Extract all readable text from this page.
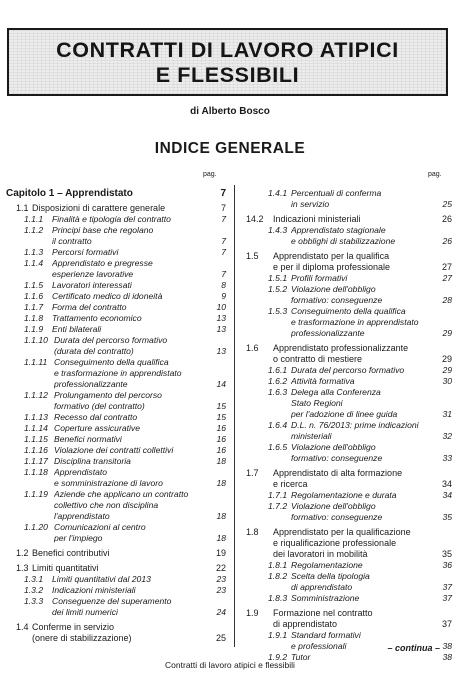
CONTRATTI DI LAVORO ATIPICI
E FLESSIBILI
di Alberto Bosco
INDICE GENERALE
pag.	pag.
Capitolo 1 – Apprendistato	7
1.1 Disposizioni di carattere generale	7
1.1.1 Finalità e tipologia del contratto	7
1.1.2 Principi base che regolano
il contratto	7
1.1.3 Percorsi formativi	7
1.1.4 Apprendistato e pregresse
esperienze lavorative	7
1.1.5 Lavoratori interessati	8
1.1.6 Certificato medico di idoneità	9
1.1.7 Forma del contratto	10
1.1.8 Trattamento economico	13
1.1.9 Enti bilaterali	13
1.1.10 Durata del percorso formativo
(durata del contratto)	13
1.1.11 Conseguimento della qualifica
e trasformazione in apprendistato
professionalizzante	14
1.1.12 Prolungamento del percorso
formativo (del contratto)	15
1.1.13 Recesso dal contratto	15
1.1.14 Coperture assicurative	16
1.1.15 Benefici normativi	16
1.1.16 Violazione dei contratti collettivi	16
1.1.17 Disciplina transitoria	18
1.1.18 Apprendistato
e somministrazione di lavoro	18
1.1.19 Aziende che applicano un contratto
collettivo che non disciplina
l'apprendistato	18
1.1.20 Comunicazioni al centro
per l'impiego	18
1.2 Benefici contributivi	19
1.3 Limiti quantitativi	22
1.3.1 Limiti quantitativi dal 2013	23
1.3.2 Indicazioni ministeriali	23
1.3.3 Conseguenze del superamento
dei limiti numerici	24
1.4 Conferme in servizio
(onere di stabilizzazione)	25
1.4.1 Percentuali di conferma
in servizio	25
14.2 Indicazioni ministeriali	26
1.4.3 Apprendistato stagionale
e obblighi di stabilizzazione	26
1.5 Apprendistato per la qualifica
e per il diploma professionale	27
1.5.1 Profili formativi	27
1.5.2 Violazione dell'obbligo
formativo: conseguenze	28
1.5.3 Conseguimento della qualifica
e trasformazione in apprendistato
professionalizzante	29
1.6 Apprendistato professionalizzante
o contratto di mestiere	29
1.6.1 Durata del percorso formativo	29
1.6.2 Attività formativa	30
1.6.3 Delega alla Conferenza
Stato Regioni
per l'adozione di linee guida	31
1.6.4 D.L. n. 76/2013: prime indicazioni
ministeriali	32
1.6.5 Violazione dell'obbligo
formativo: conseguenze	33
1.7 Apprendistato di alta formazione
e ricerca	34
1.7.1 Regolamentazione e durata	34
1.7.2 Violazione dell'obbligo
formativo: conseguenze	35
1.8 Apprendistato per la qualificazione
e riqualificazione professionale
dei lavoratori in mobilità	35
1.8.1 Regolamentazione	36
1.8.2 Scelta della tipologia
di apprendistato	37
1.8.3 Somministrazione	37
1.9 Formazione nel contratto
di apprendistato	37
1.9.1 Standard formativi
e professionali	38
1.9.2 Tutor	38
– continua –
Contratti di lavoro atipici e flessibili
